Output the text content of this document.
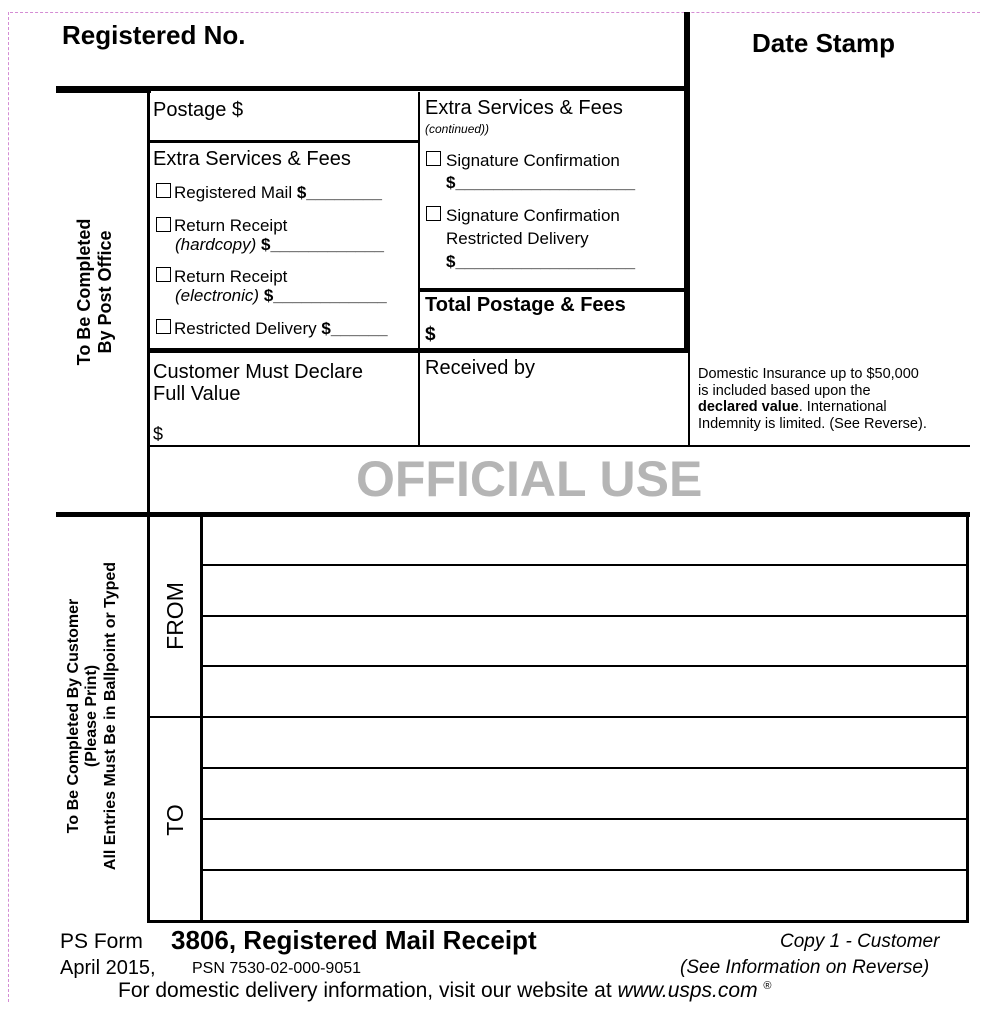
Registered No.	Date Stamp
To Be Completed By Post Office
Postage $
Extra Services & Fees
Registered Mail $________
Return Receipt
(hardcopy) $____________
Return Receipt
(electronic) $____________
Restricted Delivery $______
Extra Services & Fees
(continued))
Signature Confirmation
$___________________
Signature Confirmation
Restricted Delivery
$___________________
Total Postage & Fees
$
Customer Must Declare
Full Value
$
Received by	Domestic Insurance up to $50,000
is included based upon the
declared value. International
Indemnity is limited. (See Reverse).
OFFICIAL USE
To Be Completed By Customer (Please Print) All Entries Must Be in Ballpoint or Typed FROM
TO
PS Form 3806, Registered Mail Receipt	Copy 1 - Customer
April 2015, PSN 7530-02-000-9051	(See Information on Reverse)
For domestic delivery information, visit our website at www.usps.com ®
